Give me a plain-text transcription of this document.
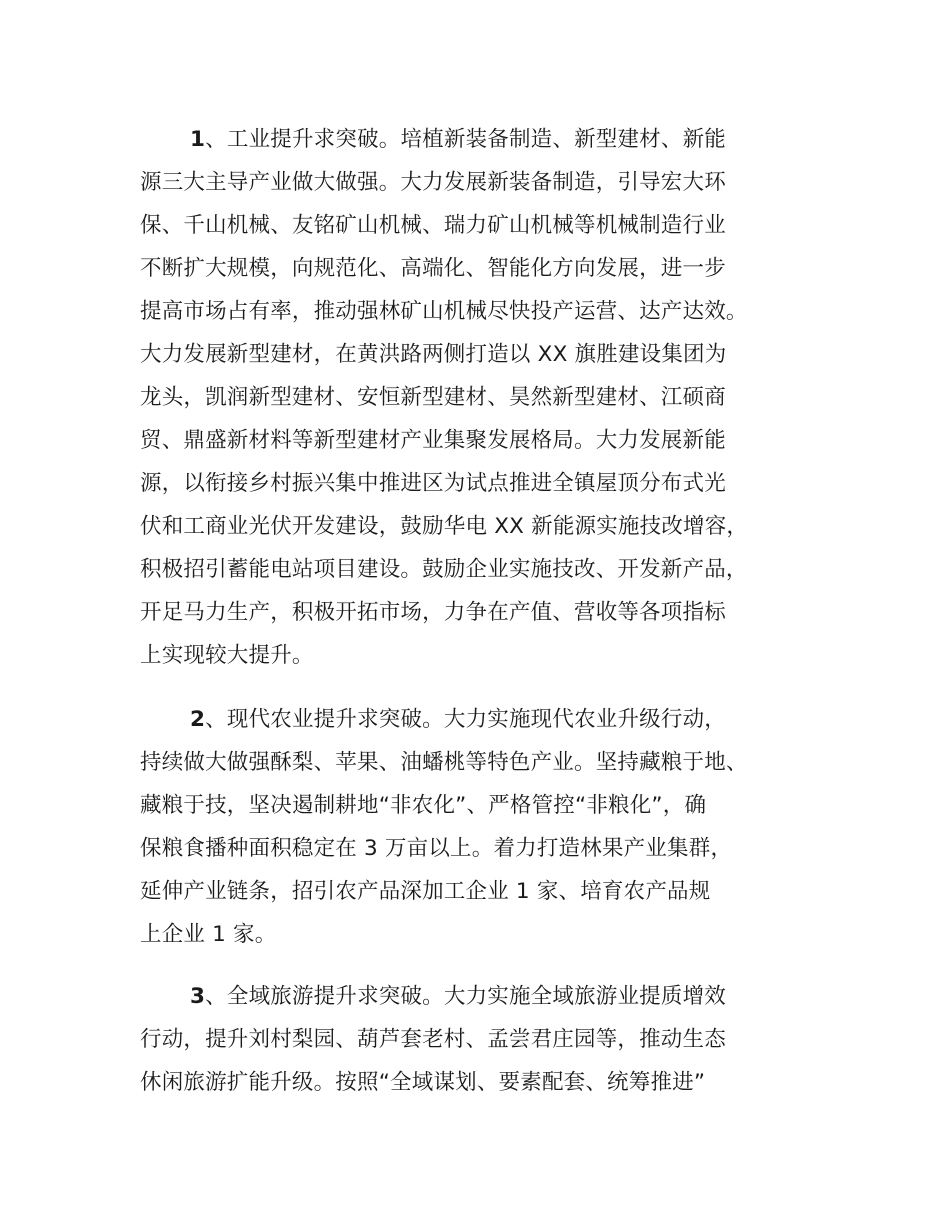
1、工业提升求突破。培植新装备制造、新型建材、新能
源三大主导产业做大做强。大力发展新装备制造，引导宏大环
保、千山机械、友铭矿山机械、瑞力矿山机械等机械制造行业
不断扩大规模，向规范化、高端化、智能化方向发展，进一步
提高市场占有率，推动强林矿山机械尽快投产运营、达产达效。
大力发展新型建材，在黄洪路两侧打造以 XX 旗胜建设集团为
龙头，凯润新型建材、安恒新型建材、昊然新型建材、江硕商
贸、鼎盛新材料等新型建材产业集聚发展格局。大力发展新能
源，以衔接乡村振兴集中推进区为试点推进全镇屋顶分布式光
伏和工商业光伏开发建设，鼓励华电 XX 新能源实施技改增容，
积极招引蓄能电站项目建设。鼓励企业实施技改、开发新产品，
开足马力生产，积极开拓市场，力争在产值、营收等各项指标
上实现较大提升。
2、现代农业提升求突破。大力实施现代农业升级行动，
持续做大做强酥梨、苹果、油蟠桃等特色产业。坚持藏粮于地、
藏粮于技，坚决遏制耕地“非农化”、严格管控“非粮化”，确
保粮食播种面积稳定在 3 万亩以上。着力打造林果产业集群，
延伸产业链条，招引农产品深加工企业 1 家、培育农产品规
上企业 1 家。
3、全域旅游提升求突破。大力实施全域旅游业提质增效
行动，提升刘村梨园、葫芦套老村、孟尝君庄园等，推动生态
休闲旅游扩能升级。按照“全域谋划、要素配套、统筹推进”
